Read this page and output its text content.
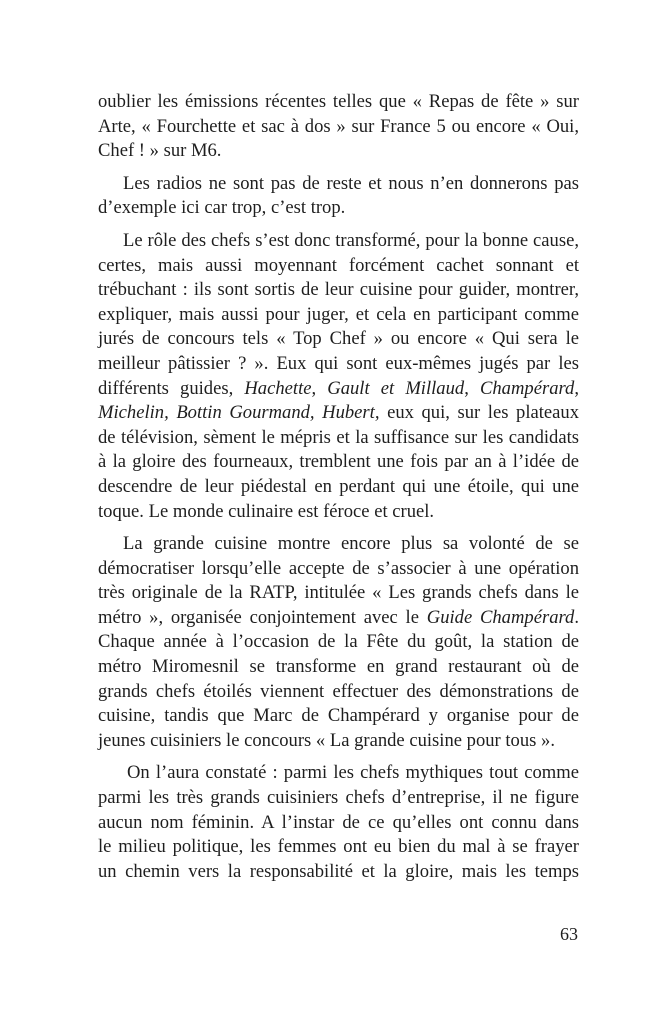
oublier les émissions récentes telles que « Repas de fête » sur
Arte, « Fourchette et sac à dos » sur France 5 ou encore « Oui,
Chef ! » sur M6.

Les radios ne sont pas de reste et nous n’en donnerons pas
d’exemple ici car trop, c’est trop.

Le rôle des chefs s’est donc transformé, pour la bonne cause,
certes, mais aussi moyennant forcément cachet sonnant et
trébuchant : ils sont sortis de leur cuisine pour guider, montrer,
expliquer, mais aussi pour juger, et cela en participant comme
jurés de concours tels « Top Chef » ou encore « Qui sera le
meilleur pâtissier ? ». Eux qui sont eux-mêmes jugés par les
différents guides, Hachette, Gault et Millaud, Champérard,
Michelin, Bottin Gourmand, Hubert, eux qui, sur les plateaux
de télévision, sèment le mépris et la suffisance sur les candidats
à la gloire des fourneaux, tremblent une fois par an à l’idée de
descendre de leur piédestal en perdant qui une étoile, qui une
toque. Le monde culinaire est féroce et cruel.

La grande cuisine montre encore plus sa volonté de se
démocratiser lorsqu’elle accepte de s’associer à une opération
très originale de la RATP, intitulée « Les grands chefs dans le
métro », organisée conjointement avec le Guide Champérard.
Chaque année à l’occasion de la Fête du goût, la station de
métro Miromesnil se transforme en grand restaurant où de
grands chefs étoilés viennent effectuer des démonstrations de
cuisine, tandis que Marc de Champérard y organise pour de
jeunes cuisiniers le concours « La grande cuisine pour tous ».

On l’aura constaté : parmi les chefs mythiques tout comme
parmi les très grands cuisiniers chefs d’entreprise, il ne figure
aucun nom féminin. A l’instar de ce qu’elles ont connu dans
le milieu politique, les femmes ont eu bien du mal à se frayer
un chemin vers la responsabilité et la gloire, mais les temps

63
